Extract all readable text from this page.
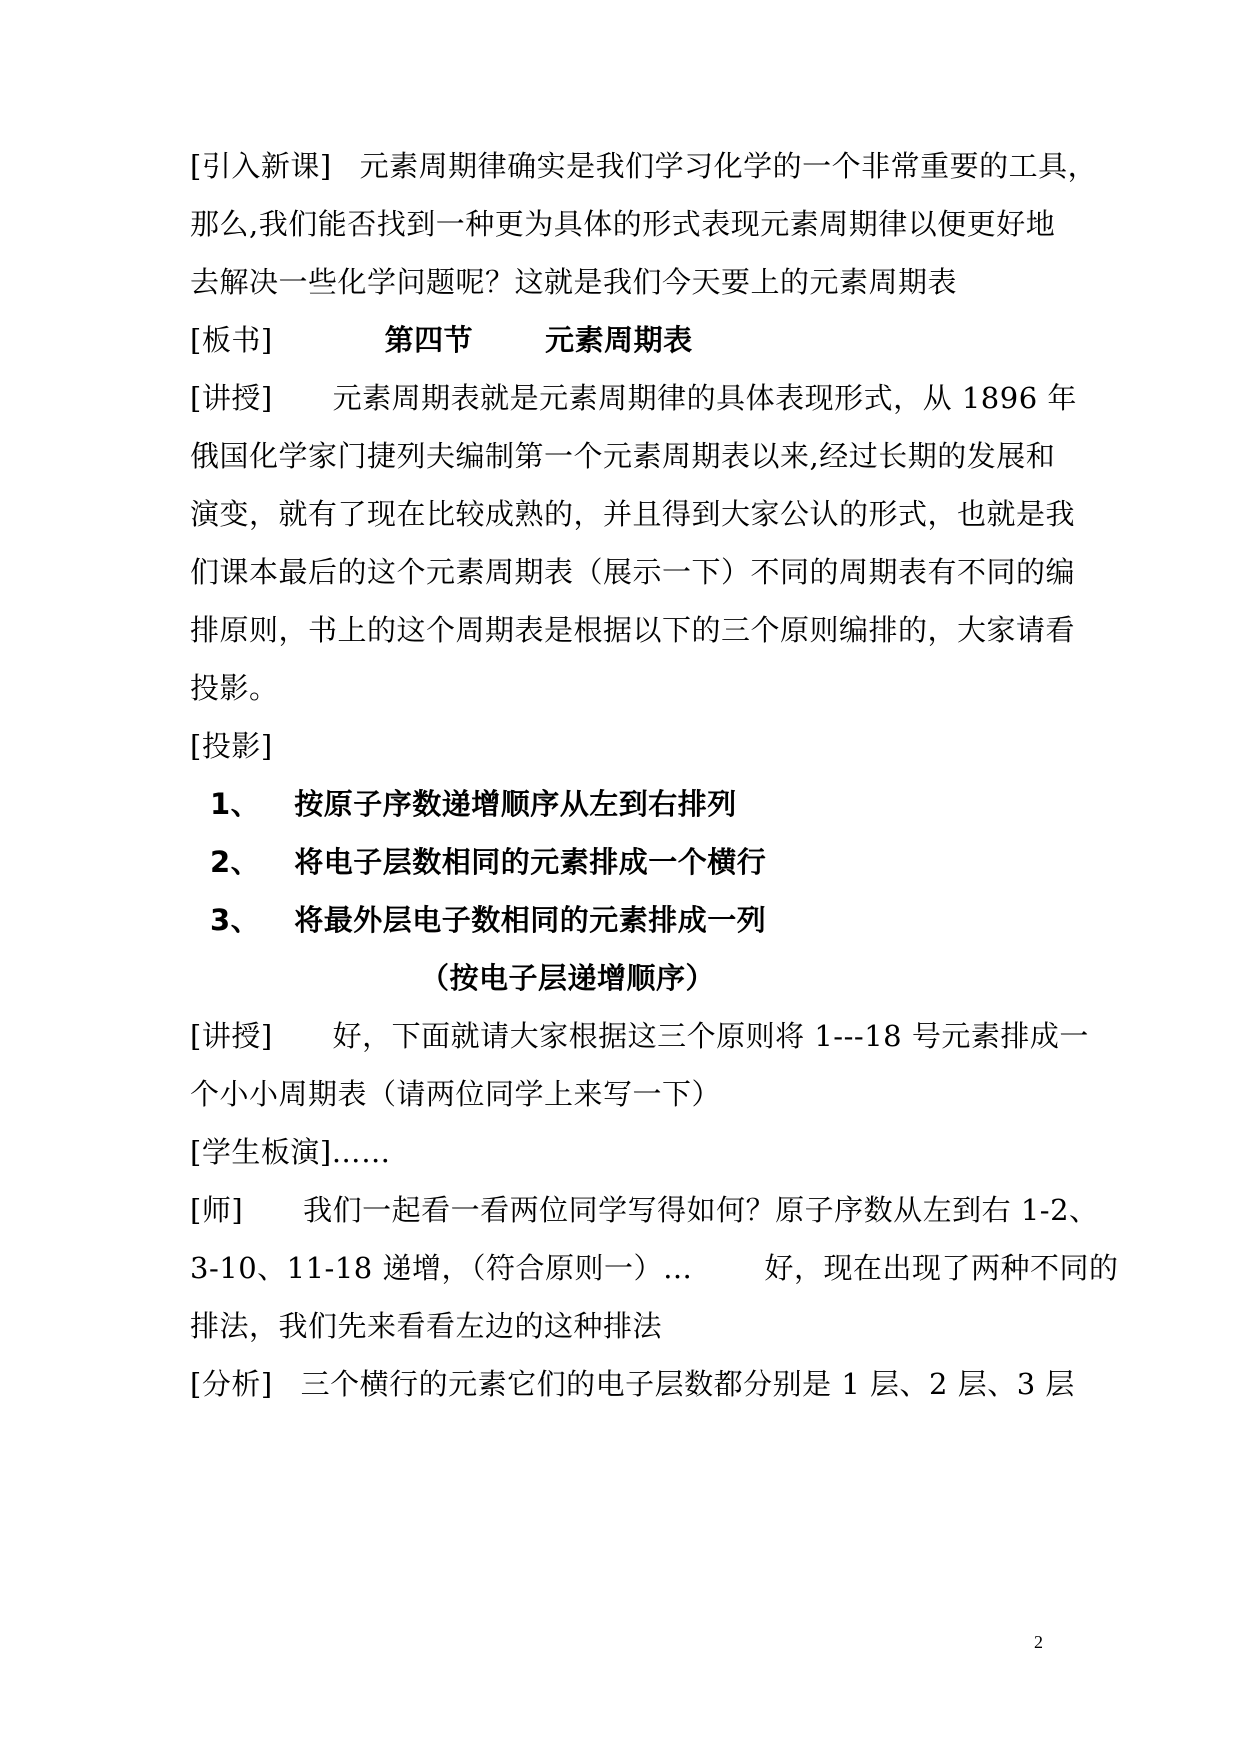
[引入新课] 元素周期律确实是我们学习化学的一个非常重要的工具，
那么,我们能否找到一种更为具体的形式表现元素周期律以便更好地
去解决一些化学问题呢？这就是我们今天要上的元素周期表
[板书]	第四节 元素周期表
[讲授] 元素周期表就是元素周期律的具体表现形式，从 1896 年
俄国化学家门捷列夫编制第一个元素周期表以来,经过长期的发展和
演变，就有了现在比较成熟的，并且得到大家公认的形式，也就是我
们课本最后的这个元素周期表（展示一下）不同的周期表有不同的编
排原则，书上的这个周期表是根据以下的三个原则编排的，大家请看
投影。
[投影]
1、 按原子序数递增顺序从左到右排列
2、 将电子层数相同的元素排成一个横行
3、 将最外层电子数相同的元素排成一列
（按电子层递增顺序）
[讲授] 好，下面就请大家根据这三个原则将 1---18 号元素排成一
个小小周期表（请两位同学上来写一下）
[学生板演]……
[师] 我们一起看一看两位同学写得如何？原子序数从左到右 1-2、
3-10、11-18 递增，（符合原则一）… 好，现在出现了两种不同的
排法，我们先来看看左边的这种排法
[分析] 三个横行的元素它们的电子层数都分别是 1 层、2 层、3 层
2
